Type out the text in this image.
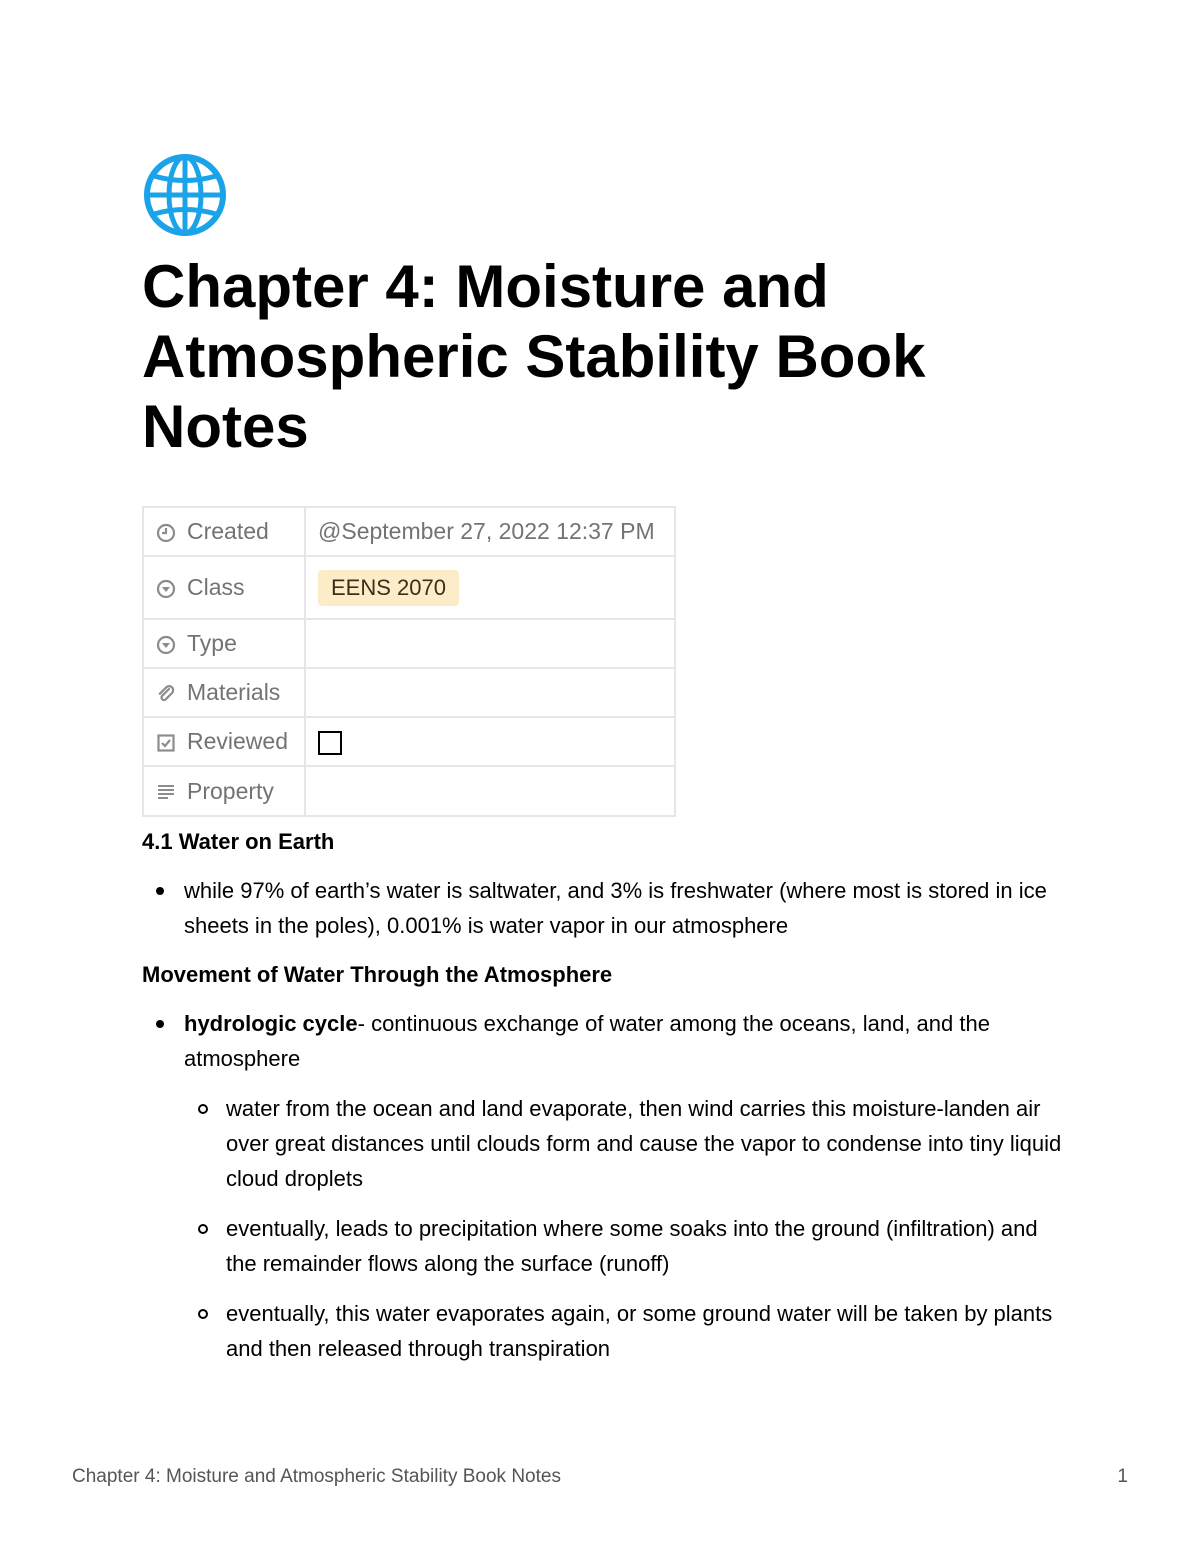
Chapter 4: Moisture and Atmospheric Stability Book Notes
Created	@September 27, 2022 12:37 PM

Class	EENS 2070

Type	

Materials	

Reviewed	

Property	

4.1 Water on Earth
while 97% of earth’s water is saltwater, and 3% is freshwater (where most is stored in ice sheets in the poles), 0.001% is water vapor in our atmosphere
Movement of Water Through the Atmosphere
hydrologic cycle- continuous exchange of water among the oceans, land, and the atmosphere
water from the ocean and land evaporate, then wind carries this moisture-landen air over great distances until clouds form and cause the vapor to condense into tiny liquid cloud droplets
eventually, leads to precipitation where some soaks into the ground (infiltration) and the remainder flows along the surface (runoff)
eventually, this water evaporates again, or some ground water will be taken by plants and then released through transpiration
Chapter 4: Moisture and Atmospheric Stability Book Notes	1
